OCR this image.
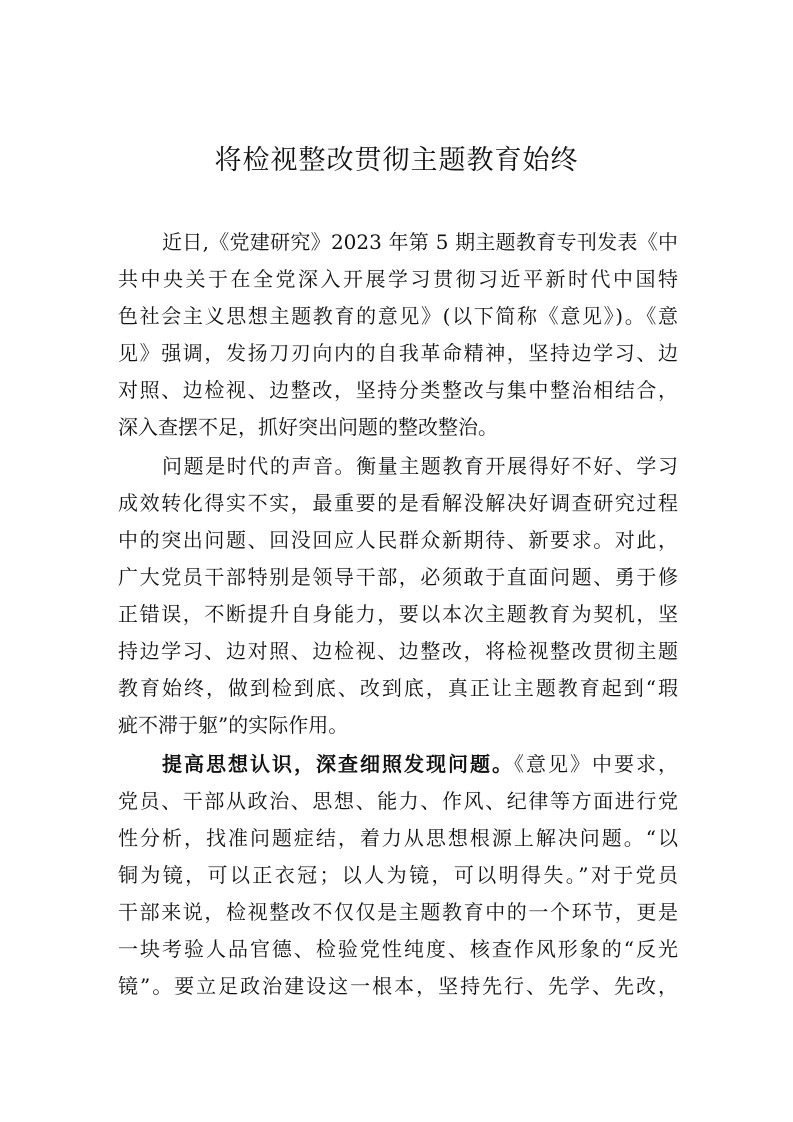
将检视整改贯彻主题教育始终
近日,《党建研究》2023 年第 5 期主题教育专刊发表《中
共中央关于在全党深入开展学习贯彻习近平新时代中国特
色社会主义思想主题教育的意见》(以下简称《意见》)。《意
见》强调，发扬刀刃向内的自我革命精神，坚持边学习、边
对照、边检视、边整改，坚持分类整改与集中整治相结合，
深入查摆不足，抓好突出问题的整改整治。
问题是时代的声音。衡量主题教育开展得好不好、学习
成效转化得实不实，最重要的是看解没解决好调查研究过程
中的突出问题、回没回应人民群众新期待、新要求。对此，
广大党员干部特别是领导干部，必须敢于直面问题、勇于修
正错误，不断提升自身能力，要以本次主题教育为契机，坚
持边学习、边对照、边检视、边整改，将检视整改贯彻主题
教育始终，做到检到底、改到底，真正让主题教育起到“瑕
疵不滞于躯”的实际作用。
提高思想认识，深查细照发现问题。《意见》中要求，
党员、干部从政治、思想、能力、作风、纪律等方面进行党
性分析，找准问题症结，着力从思想根源上解决问题。“以
铜为镜，可以正衣冠；以人为镜，可以明得失。”对于党员
干部来说，检视整改不仅仅是主题教育中的一个环节，更是
一块考验人品官德、检验党性纯度、核查作风形象的“反光
镜”。要立足政治建设这一根本，坚持先行、先学、先改，
